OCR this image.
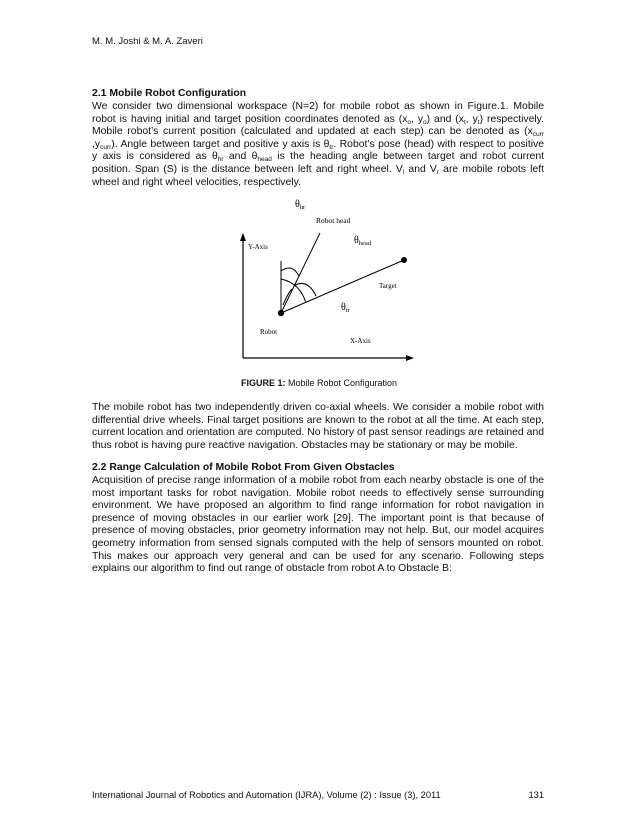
M. M. Joshi & M. A. Zaveri
2.1 Mobile Robot Configuration
We consider two dimensional workspace (N=2) for mobile robot as shown in Figure.1. Mobile robot is having initial and target position coordinates denoted as ($x_o$, $y_o$) and ($x_t$, $y_t$) respectively. Mobile robot’s current position (calculated and updated at each step) can be denoted as ($x_{curr}$ $,y_{curr}$). Angle between target and positive y axis is $\theta_{tr}$. Robot’s pose (head) with respect to positive y axis is considered as $\theta_{hr}$ and $\theta_{head}$ is the heading angle between target and robot current position. Span (S) is the distance between left and right wheel. $V_l$ and $V_r$ are mobile robots left wheel and right wheel velocities, respectively.
$\theta_{hr}$
Robot head
$\theta_{head}$
Y-Axis
Target
$\theta_{tr}$
Robot
X-Axis
FIGURE 1: Mobile Robot Configuration
The mobile robot has two independently driven co-axial wheels. We consider a mobile robot with differential drive wheels. Final target positions are known to the robot at all the time. At each step, current location and orientation are computed. No history of past sensor readings are retained and thus robot is having pure reactive navigation. Obstacles may be stationary or may be mobile.
2.2 Range Calculation of Mobile Robot From Given Obstacles
Acquisition of precise range information of a mobile robot from each nearby obstacle is one of the most important tasks for robot navigation. Mobile robot needs to effectively sense surrounding environment. We have proposed an algorithm to find range information for robot navigation in presence of moving obstacles in our earlier work [29]. The important point is that because of presence of moving obstacles, prior geometry information may not help. But, our model acquires geometry information from sensed signals computed with the help of sensors mounted on robot. This makes our approach very general and can be used for any scenario. Following steps explains our algorithm to find out range of obstacle from robot A to Obstacle B:
International Journal of Robotics and Automation (IJRA), Volume (2) : Issue (3), 2011	131
